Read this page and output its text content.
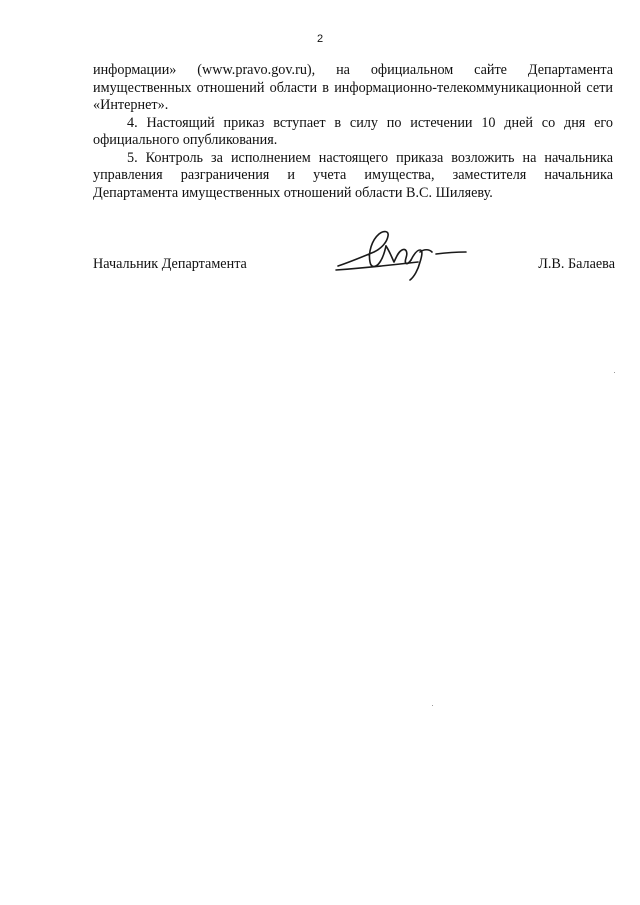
2

информации» (www.pravo.gov.ru), на официальном сайте Департамента имущественных отношений области в информационно-телекоммуникационной сети «Интернет».

4. Настоящий приказ вступает в силу по истечении 10 дней со дня его официального опубликования.

5. Контроль за исполнением настоящего приказа возложить на начальника управления разграничения и учета имущества, заместителя начальника Департамента имущественных отношений области В.С. Шиляеву.

Начальник Департамента	Л.В. Балаева
